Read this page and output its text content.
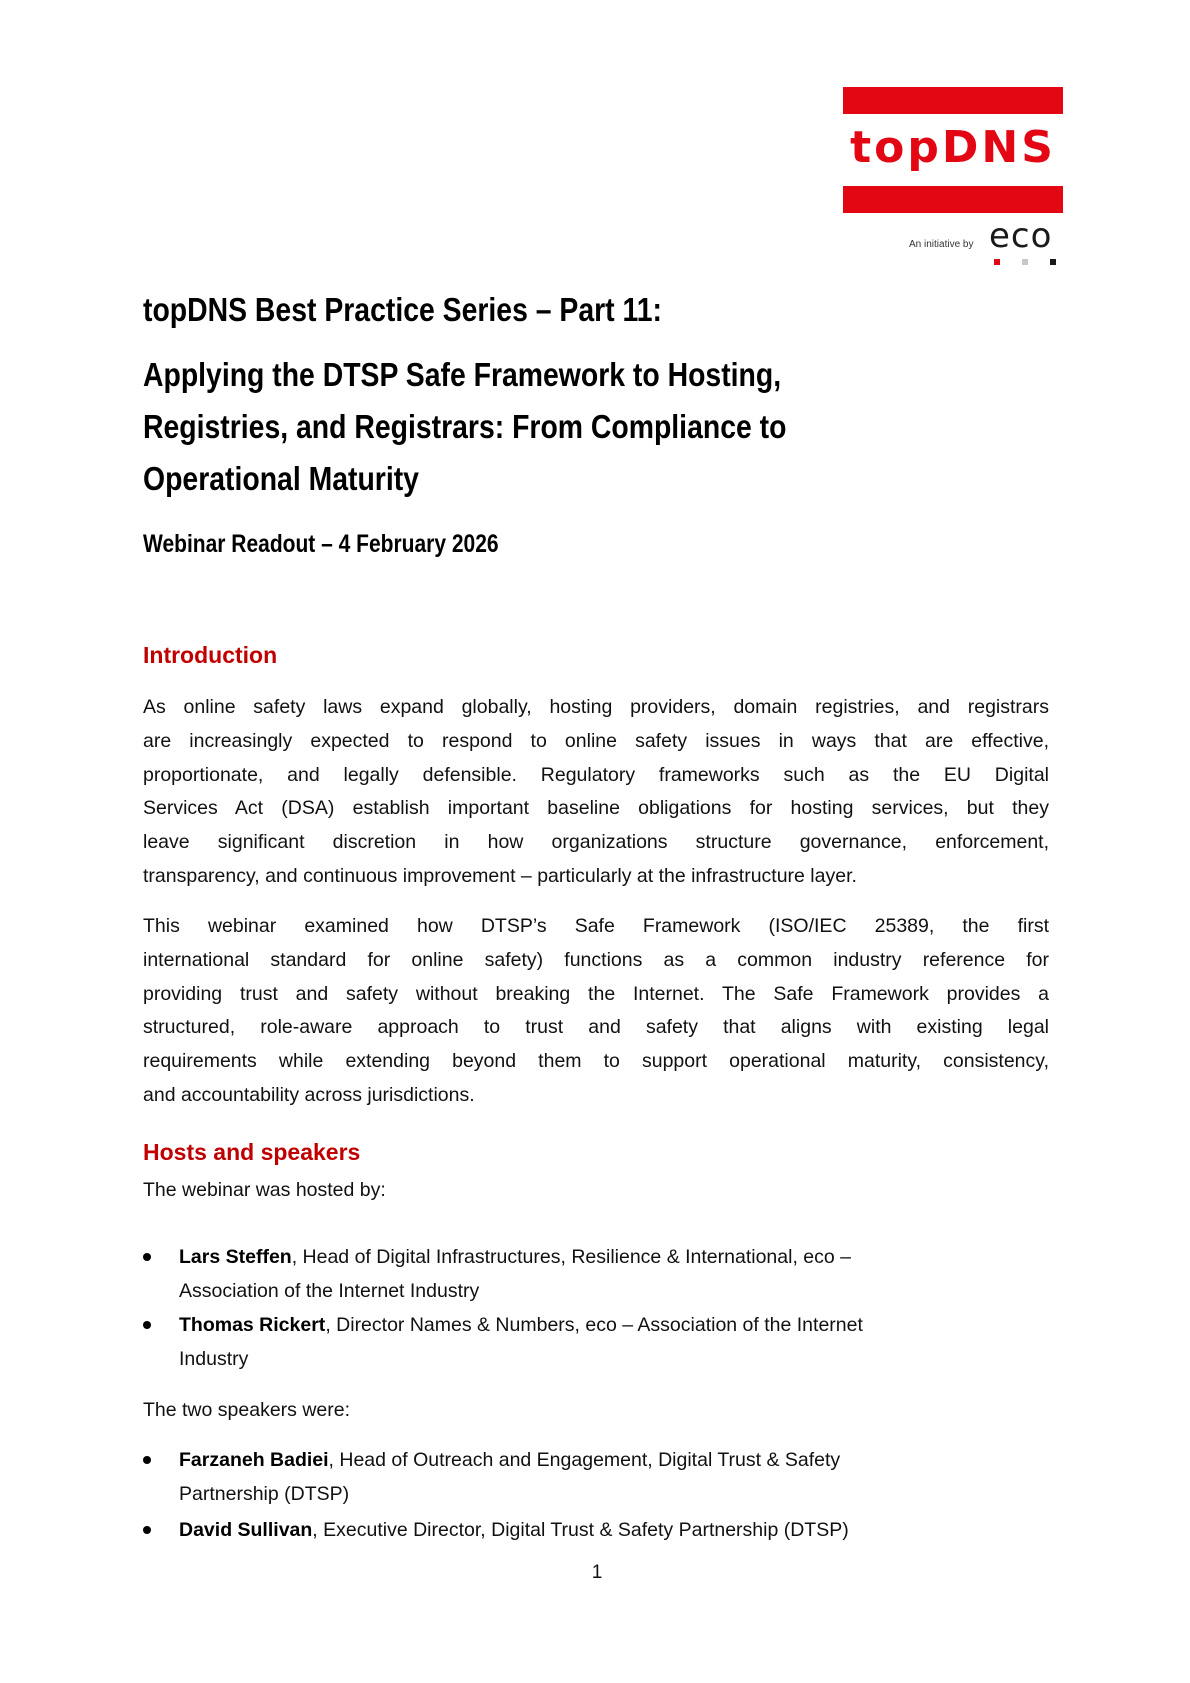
topDNS
An initiative by eco
topDNS Best Practice Series – Part 11:
Applying the DTSP Safe Framework to Hosting,
Registries, and Registrars: From Compliance to
Operational Maturity
Webinar Readout – 4 February 2026
Introduction
As online safety laws expand globally, hosting providers, domain registries, and registrars
are increasingly expected to respond to online safety issues in ways that are effective,
proportionate, and legally defensible. Regulatory frameworks such as the EU Digital
Services Act (DSA) establish important baseline obligations for hosting services, but they
leave significant discretion in how organizations structure governance, enforcement,
transparency, and continuous improvement – particularly at the infrastructure layer.
This webinar examined how DTSP’s Safe Framework (ISO/IEC 25389, the first
international standard for online safety) functions as a common industry reference for
providing trust and safety without breaking the Internet. The Safe Framework provides a
structured, role-aware approach to trust and safety that aligns with existing legal
requirements while extending beyond them to support operational maturity, consistency,
and accountability across jurisdictions.
Hosts and speakers
The webinar was hosted by:
Lars Steffen, Head of Digital Infrastructures, Resilience & International, eco –
Association of the Internet Industry
Thomas Rickert, Director Names & Numbers, eco – Association of the Internet
Industry
The two speakers were:
Farzaneh Badiei, Head of Outreach and Engagement, Digital Trust & Safety
Partnership (DTSP)
David Sullivan, Executive Director, Digital Trust & Safety Partnership (DTSP)
1
